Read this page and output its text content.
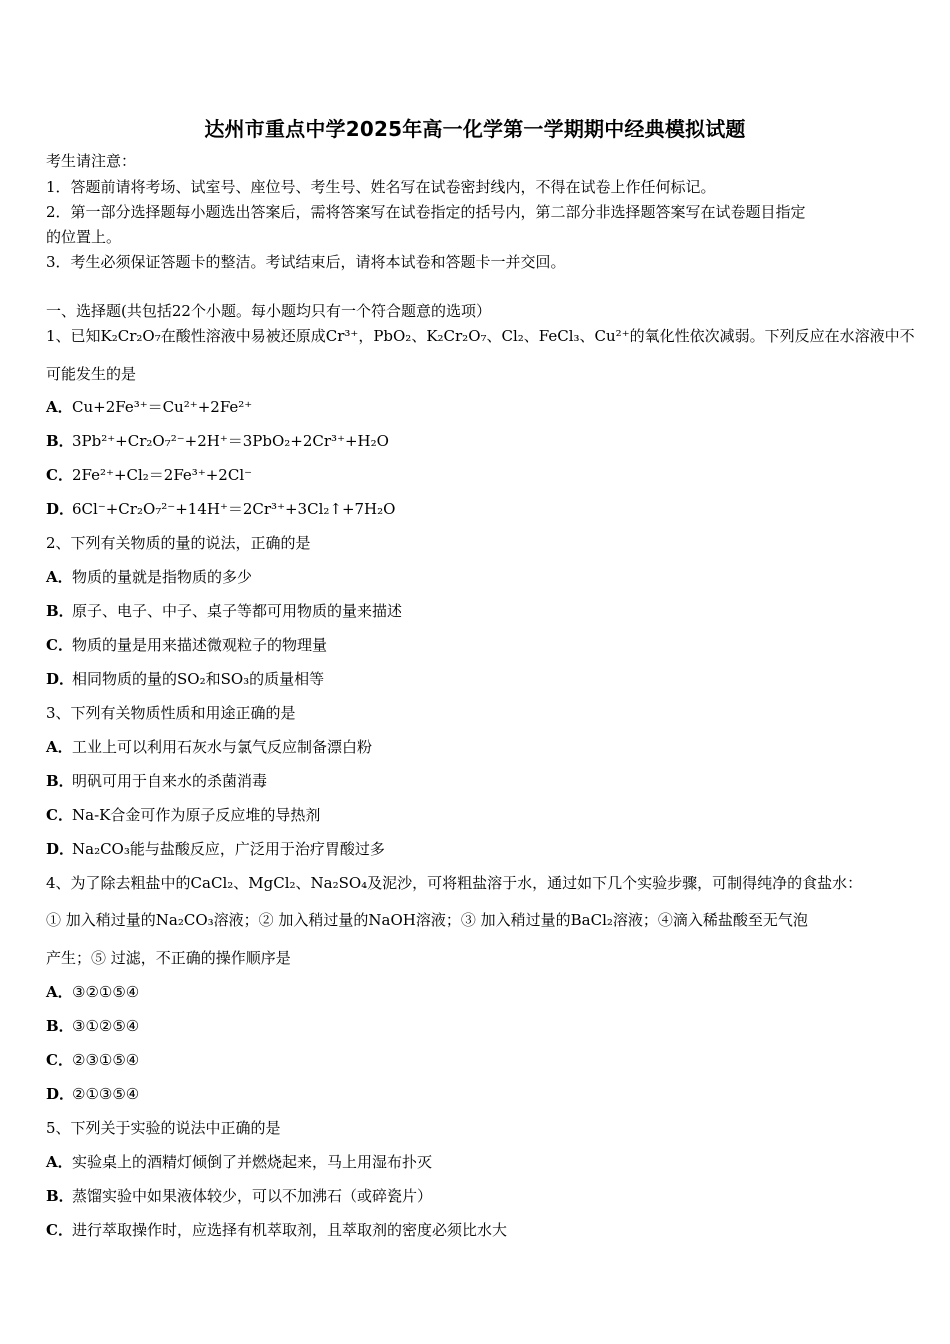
达州市重点中学2025年高一化学第一学期期中经典模拟试题
考生请注意：
1．答题前请将考场、试室号、座位号、考生号、姓名写在试卷密封线内，不得在试卷上作任何标记。
2．第一部分选择题每小题选出答案后，需将答案写在试卷指定的括号内，第二部分非选择题答案写在试卷题目指定
的位置上。
3．考生必须保证答题卡的整洁。考试结束后，请将本试卷和答题卡一并交回。
一、选择题(共包括22个小题。每小题均只有一个符合题意的选项）
1、已知K₂Cr₂O₇在酸性溶液中易被还原成Cr³⁺，PbO₂、K₂Cr₂O₇、Cl₂、FeCl₃、Cu²⁺的氧化性依次减弱。下列反应在水溶液中不
可能发生的是
A．Cu+2Fe³⁺＝Cu²⁺+2Fe²⁺
B．3Pb²⁺+Cr₂O₇²⁻+2H⁺＝3PbO₂+2Cr³⁺+H₂O
C．2Fe²⁺+Cl₂＝2Fe³⁺+2Cl⁻
D．6Cl⁻+Cr₂O₇²⁻+14H⁺＝2Cr³⁺+3Cl₂↑+7H₂O
2、下列有关物质的量的说法，正确的是
A．物质的量就是指物质的多少
B．原子、电子、中子、桌子等都可用物质的量来描述
C．物质的量是用来描述微观粒子的物理量
D．相同物质的量的SO₂和SO₃的质量相等
3、下列有关物质性质和用途正确的是
A．工业上可以利用石灰水与氯气反应制备漂白粉
B．明矾可用于自来水的杀菌消毒
C．Na-K合金可作为原子反应堆的导热剂
D．Na₂CO₃能与盐酸反应，广泛用于治疗胃酸过多
4、为了除去粗盐中的CaCl₂、MgCl₂、Na₂SO₄及泥沙，可将粗盐溶于水，通过如下几个实验步骤，可制得纯净的食盐水：
① 加入稍过量的Na₂CO₃溶液；② 加入稍过量的NaOH溶液；③ 加入稍过量的BaCl₂溶液；④滴入稀盐酸至无气泡
产生；⑤ 过滤，不正确的操作顺序是
A．③②①⑤④
B．③①②⑤④
C．②③①⑤④
D．②①③⑤④
5、下列关于实验的说法中正确的是
A．实验桌上的酒精灯倾倒了并燃烧起来，马上用湿布扑灭
B．蒸馏实验中如果液体较少，可以不加沸石（或碎瓷片）
C．进行萃取操作时，应选择有机萃取剂，且萃取剂的密度必须比水大
